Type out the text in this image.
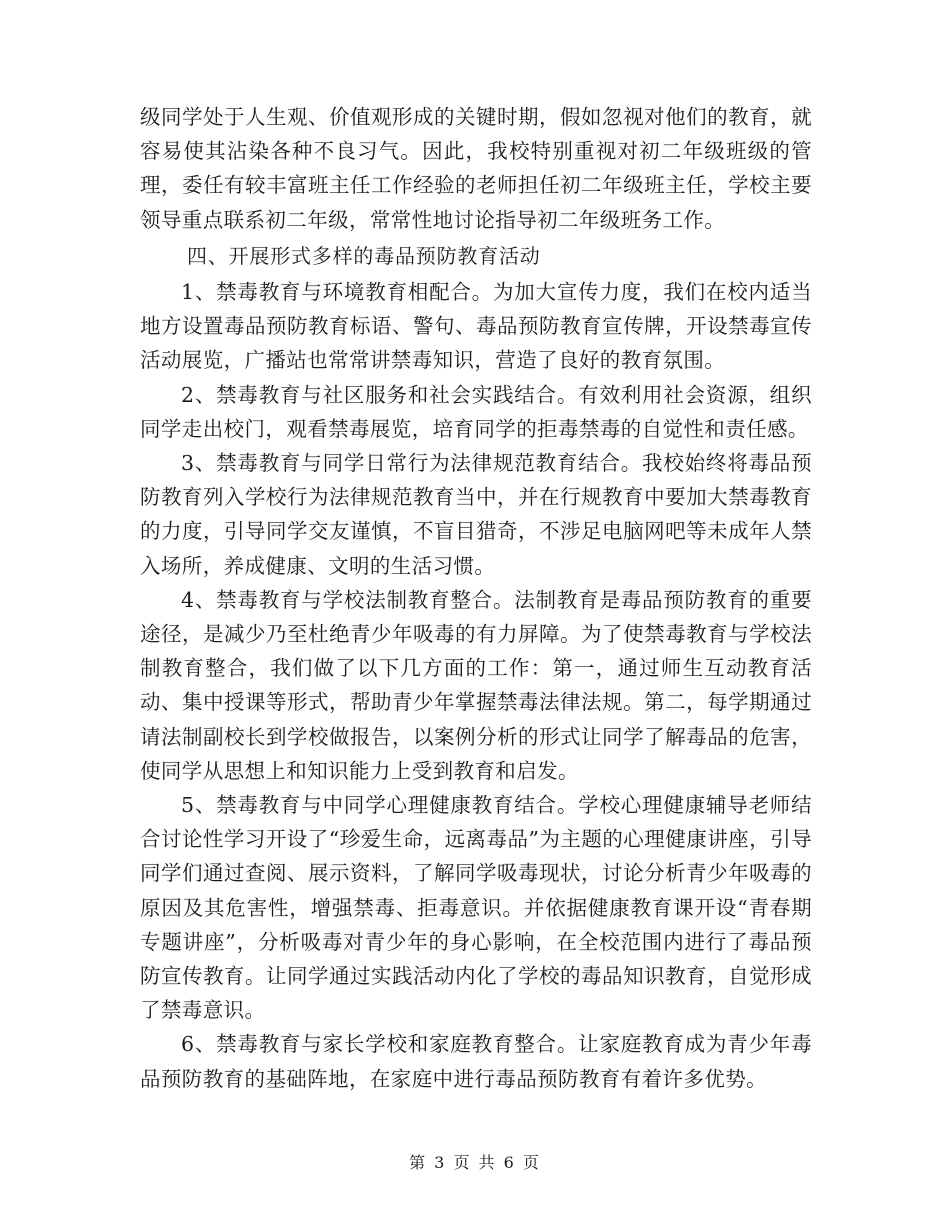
级同学处于人生观、价值观形成的关键时期，假如忽视对他们的教育，就容易使其沾染各种不良习气。因此，我校特别重视对初二年级班级的管理，委任有较丰富班主任工作经验的老师担任初二年级班主任，学校主要领导重点联系初二年级，常常性地讨论指导初二年级班务工作。

四、开展形式多样的毒品预防教育活动

1、禁毒教育与环境教育相配合。为加大宣传力度，我们在校内适当地方设置毒品预防教育标语、警句、毒品预防教育宣传牌，开设禁毒宣传活动展览，广播站也常常讲禁毒知识，营造了良好的教育氛围。

2、禁毒教育与社区服务和社会实践结合。有效利用社会资源，组织同学走出校门，观看禁毒展览，培育同学的拒毒禁毒的自觉性和责任感。

3、禁毒教育与同学日常行为法律规范教育结合。我校始终将毒品预防教育列入学校行为法律规范教育当中，并在行规教育中要加大禁毒教育的力度，引导同学交友谨慎，不盲目猎奇，不涉足电脑网吧等未成年人禁入场所，养成健康、文明的生活习惯。

4、禁毒教育与学校法制教育整合。法制教育是毒品预防教育的重要途径，是减少乃至杜绝青少年吸毒的有力屏障。为了使禁毒教育与学校法制教育整合，我们做了以下几方面的工作：第一，通过师生互动教育活动、集中授课等形式，帮助青少年掌握禁毒法律法规。第二，每学期通过请法制副校长到学校做报告，以案例分析的形式让同学了解毒品的危害，使同学从思想上和知识能力上受到教育和启发。

5、禁毒教育与中同学心理健康教育结合。学校心理健康辅导老师结合讨论性学习开设了“珍爱生命，远离毒品”为主题的心理健康讲座，引导同学们通过查阅、展示资料，了解同学吸毒现状，讨论分析青少年吸毒的原因及其危害性，增强禁毒、拒毒意识。并依据健康教育课开设“青春期专题讲座”，分析吸毒对青少年的身心影响，在全校范围内进行了毒品预防宣传教育。让同学通过实践活动内化了学校的毒品知识教育，自觉形成了禁毒意识。

6、禁毒教育与家长学校和家庭教育整合。让家庭教育成为青少年毒品预防教育的基础阵地，在家庭中进行毒品预防教育有着许多优势。

第 3 页 共 6 页
